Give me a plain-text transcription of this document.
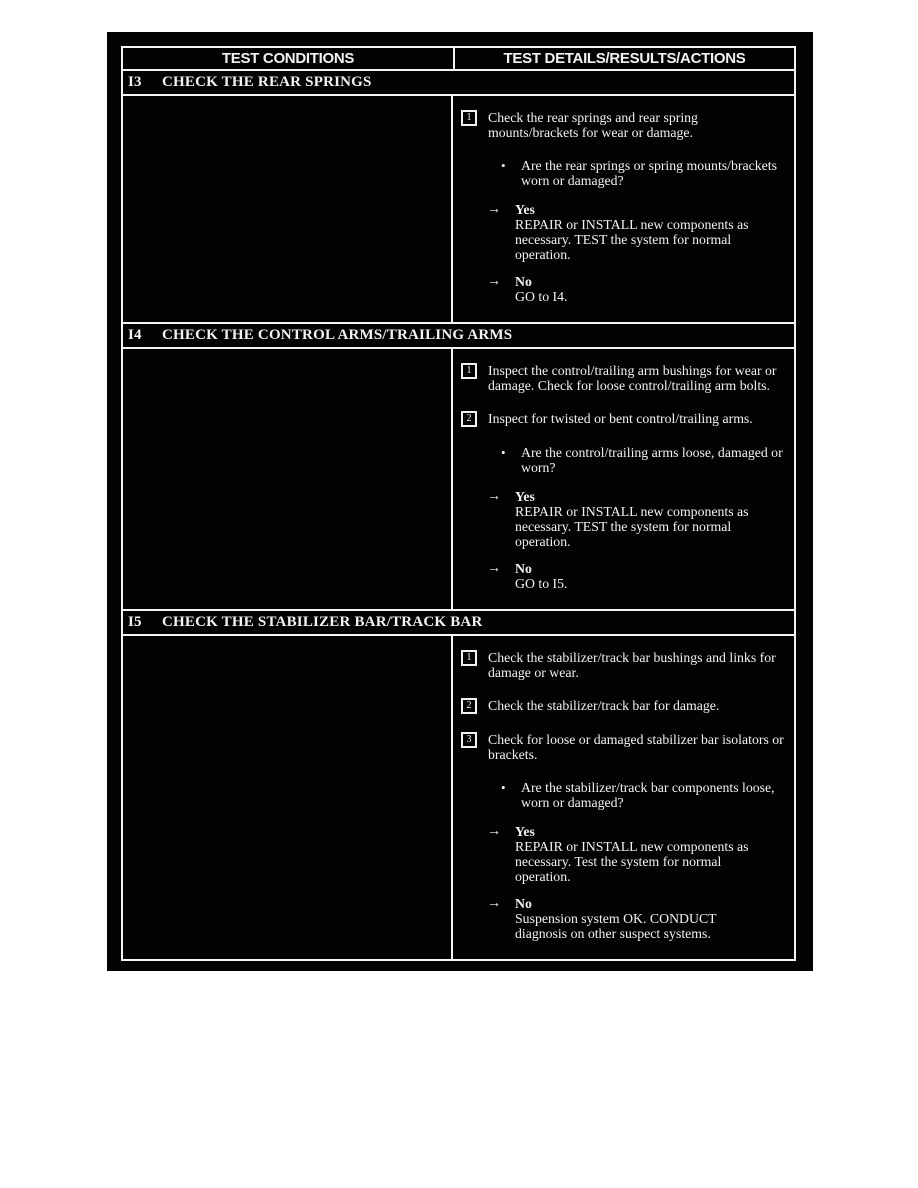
TEST CONDITIONS	TEST DETAILS/RESULTS/ACTIONS
I3	CHECK THE REAR SPRINGS
1	Check the rear springs and rear spring mounts/brackets for wear or damage.
•	Are the rear springs or spring mounts/brackets worn or damaged?
→	Yes
REPAIR or INSTALL new components as necessary. TEST the system for normal operation.
→	No
GO to I4.
I4	CHECK THE CONTROL ARMS/TRAILING ARMS
1	Inspect the control/trailing arm bushings for wear or damage. Check for loose control/trailing arm bolts.
2	Inspect for twisted or bent control/trailing arms.
•	Are the control/trailing arms loose, damaged or worn?
→	Yes
REPAIR or INSTALL new components as necessary. TEST the system for normal operation.
→	No
GO to I5.
I5	CHECK THE STABILIZER BAR/TRACK BAR
1	Check the stabilizer/track bar bushings and links for damage or wear.
2	Check the stabilizer/track bar for damage.
3	Check for loose or damaged stabilizer bar isolators or brackets.
•	Are the stabilizer/track bar components loose, worn or damaged?
→	Yes
REPAIR or INSTALL new components as necessary. Test the system for normal operation.
→	No
Suspension system OK. CONDUCT diagnosis on other suspect systems.
